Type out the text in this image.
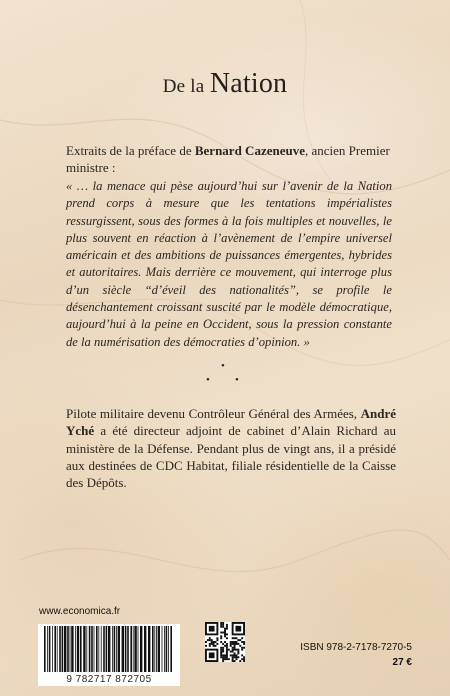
De la Nation
Extraits de la préface de Bernard Cazeneuve, ancien Premier ministre :
« … la menace qui pèse aujourd’hui sur l’avenir de la Nation prend corps à mesure que les tentations impérialistes ressurgissent, sous des formes à la fois multiples et nouvelles, le plus souvent en réaction à l’avènement de l’empire universel américain et des ambitions de puissances émergentes, hybrides et autoritaires. Mais derrière ce mouvement, qui interroge plus d’un siècle “d’éveil des nationalités”, se profile le désenchantement croissant suscité par le modèle démocratique, aujourd’hui à la peine en Occident, sous la pression constante de la numérisation des démocraties d’opinion. »
•
• •
Pilote militaire devenu Contrôleur Général des Armées, André Yché a été directeur adjoint de cabinet d’Alain Richard au ministère de la Défense. Pendant plus de vingt ans, il a présidé aux destinées de CDC Habitat, filiale résidentielle de la Caisse des Dépôts.
www.economica.fr
9 782717 872705
ISBN 978-2-7178-7270-5
27 €
